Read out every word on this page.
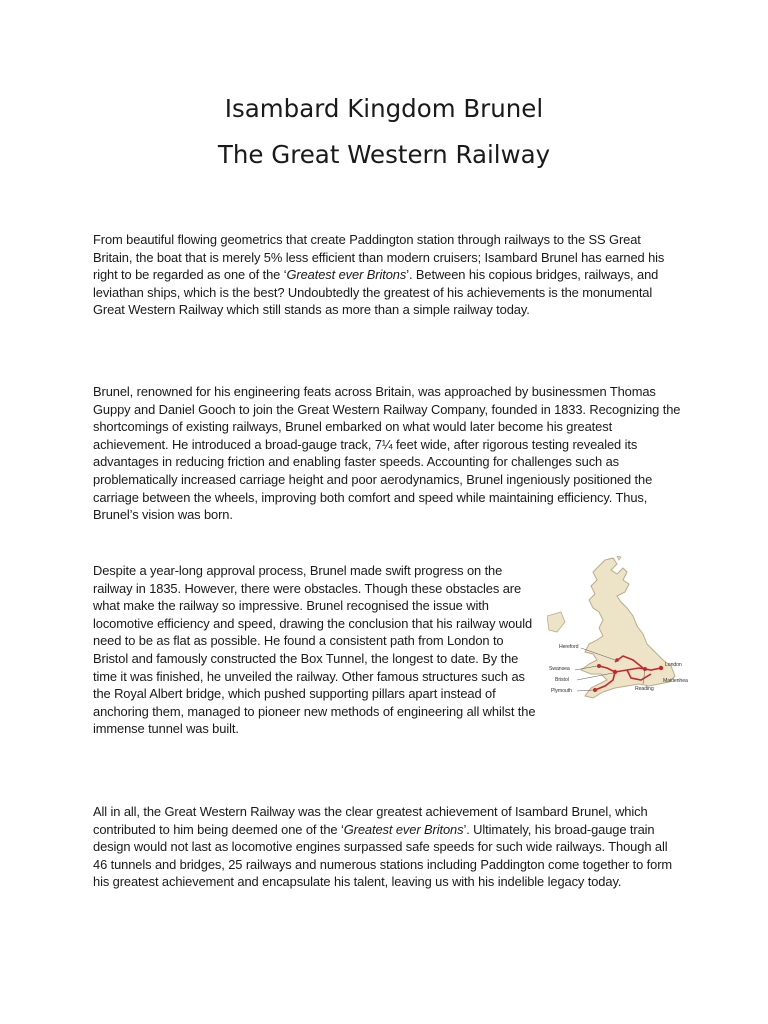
Isambard Kingdom Brunel
The Great Western Railway

From beautiful flowing geometrics that create Paddington station through railways to the SS Great Britain, the boat that is merely 5% less efficient than modern cruisers; Isambard Brunel has earned his right to be regarded as one of the ‘Greatest ever Britons’. Between his copious bridges, railways, and leviathan ships, which is the best? Undoubtedly the greatest of his achievements is the monumental Great Western Railway which still stands as more than a simple railway today.

Brunel, renowned for his engineering feats across Britain, was approached by businessmen Thomas Guppy and Daniel Gooch to join the Great Western Railway Company, founded in 1833. Recognizing the shortcomings of existing railways, Brunel embarked on what would later become his greatest achievement. He introduced a broad-gauge track, 7¼ feet wide, after rigorous testing revealed its advantages in reducing friction and enabling faster speeds. Accounting for challenges such as problematically increased carriage height and poor aerodynamics, Brunel ingeniously positioned the carriage between the wheels, improving both comfort and speed while maintaining efficiency. Thus, Brunel’s vision was born.

Hereford
Swansea
Bristol
Plymouth	Reading
London
Maidenhea
Despite a year-long approval process, Brunel made swift progress on the railway in 1835. However, there were obstacles. Though these obstacles are what make the railway so impressive. Brunel recognised the issue with locomotive efficiency and speed, drawing the conclusion that his railway would need to be as flat as possible. He found a consistent path from London to Bristol and famously constructed the Box Tunnel, the longest to date. By the time it was finished, he unveiled the railway. Other famous structures such as the Royal Albert bridge, which pushed supporting pillars apart instead of anchoring them, managed to pioneer new methods of engineering all whilst the immense tunnel was built.

All in all, the Great Western Railway was the clear greatest achievement of Isambard Brunel, which contributed to him being deemed one of the ‘Greatest ever Britons’. Ultimately, his broad-gauge train design would not last as locomotive engines surpassed safe speeds for such wide railways. Though all 46 tunnels and bridges, 25 railways and numerous stations including Paddington come together to form his greatest achievement and encapsulate his talent, leaving us with his indelible legacy today.
